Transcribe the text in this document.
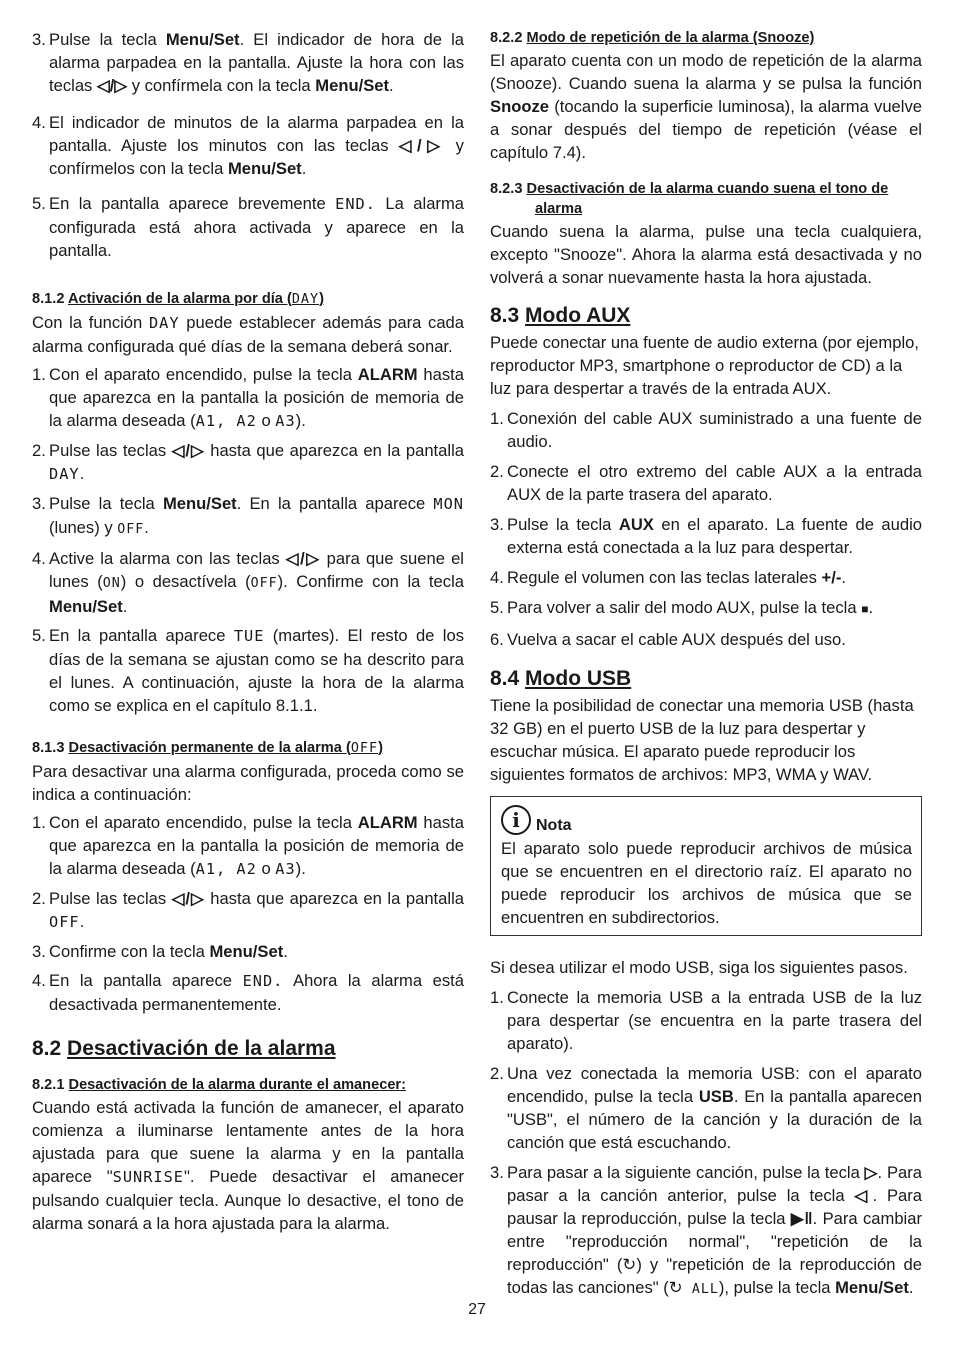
3. Pulse la tecla Menu/Set. El indicador de hora de la alarma parpadea en la pantalla. Ajuste la hora con las teclas ◁/▷ y confírmela con la tecla Menu/Set.
4. El indicador de minutos de la alarma parpadea en la pantalla. Ajuste los minutos con las teclas ◁/▷ y confírmelos con la tecla Menu/Set.
5. En la pantalla aparece brevemente END. La alarma configurada está ahora activada y aparece en la pantalla.
8.1.2 Activación de la alarma por día (DAY)

Con la función DAY puede establecer además para cada alarma configurada qué días de la semana deberá sonar.

1. Con el aparato encendido, pulse la tecla ALARM hasta que aparezca en la pantalla la posición de memoria de la alarma deseada (A1, A2 o A3).
2. Pulse las teclas ◁/▷ hasta que aparezca en la pantalla DAY.
3. Pulse la tecla Menu/Set. En la pantalla aparece MON (lunes) y OFF.
4. Active la alarma con las teclas ◁/▷ para que suene el lunes (ON) o desactívela (OFF). Confirme con la tecla Menu/Set.
5. En la pantalla aparece TUE (martes). El resto de los días de la semana se ajustan como se ha descrito para el lunes. A continuación, ajuste la hora de la alarma como se explica en el capítulo 8.1.1.
8.1.3 Desactivación permanente de la alarma (OFF)

Para desactivar una alarma configurada, proceda como se indica a continuación:

1. Con el aparato encendido, pulse la tecla ALARM hasta que aparezca en la pantalla la posición de memoria de la alarma deseada (A1, A2 o A3).
2. Pulse las teclas ◁/▷ hasta que aparezca en la pantalla OFF.
3. Confirme con la tecla Menu/Set.
4. En la pantalla aparece END. Ahora la alarma está desactivada permanentemente.
8.2 Desactivación de la alarma
8.2.1 Desactivación de la alarma durante el amanecer:

Cuando está activada la función de amanecer, el aparato comienza a iluminarse lentamente antes de la hora ajustada para que suene la alarma y en la pantalla aparece "SUNRISE". Puede desactivar el amanecer pulsando cualquier tecla. Aunque lo desactive, el tono de alarma sonará a la hora ajustada para la alarma.

8.2.2 Modo de repetición de la alarma (Snooze)

El aparato cuenta con un modo de repetición de la alarma (Snooze). Cuando suena la alarma y se pulsa la función Snooze (tocando la superficie luminosa), la alarma vuelve a sonar después del tiempo de repetición (véase el capítulo 7.4).

8.2.3 Desactivación de la alarma cuando suena el tono de alarma

Cuando suena la alarma, pulse una tecla cualquiera, excepto "Snooze". Ahora la alarma está desactivada y no volverá a sonar nuevamente hasta la hora ajustada.

8.3 Modo AUX

Puede conectar una fuente de audio externa (por ejemplo, reproductor MP3, smartphone o reproductor de CD) a la luz para despertar a través de la entrada AUX.

1. Conexión del cable AUX suministrado a una fuente de audio.
2. Conecte el otro extremo del cable AUX a la entrada AUX de la parte trasera del aparato.
3. Pulse la tecla AUX en el aparato. La fuente de audio externa está conectada a la luz para despertar.
4. Regule el volumen con las teclas laterales +/-.
5. Para volver a salir del modo AUX, pulse la tecla ■.
6. Vuelva a sacar el cable AUX después del uso.
8.4 Modo USB

Tiene la posibilidad de conectar una memoria USB (hasta 32 GB) en el puerto USB de la luz para despertar y escuchar música. El aparato puede reproducir los siguientes formatos de archivos: MP3, WMA y WAV.

i	Nota

El aparato solo puede reproducir archivos de música que se encuentren en el directorio raíz. El aparato no puede reproducir los archivos de música que se encuentren en subdirectorios.

Si desea utilizar el modo USB, siga los siguientes pasos.

1. Conecte la memoria USB a la entrada USB de la luz para despertar (se encuentra en la parte trasera del aparato).
2. Una vez conectada la memoria USB: con el aparato encendido, pulse la tecla USB. En la pantalla aparecen "USB", el número de la canción y la duración de la canción que está escuchando.
3. Para pasar a la siguiente canción, pulse la tecla ▷. Para pasar a la canción anterior, pulse la tecla ◁. Para pausar la reproducción, pulse la tecla ▶ǁ. Para cambiar entre "reproducción normal", "repetición de la reproducción" (↻) y "repetición de la reproducción de todas las canciones" (↻ ALL), pulse la tecla Menu/Set.
27
